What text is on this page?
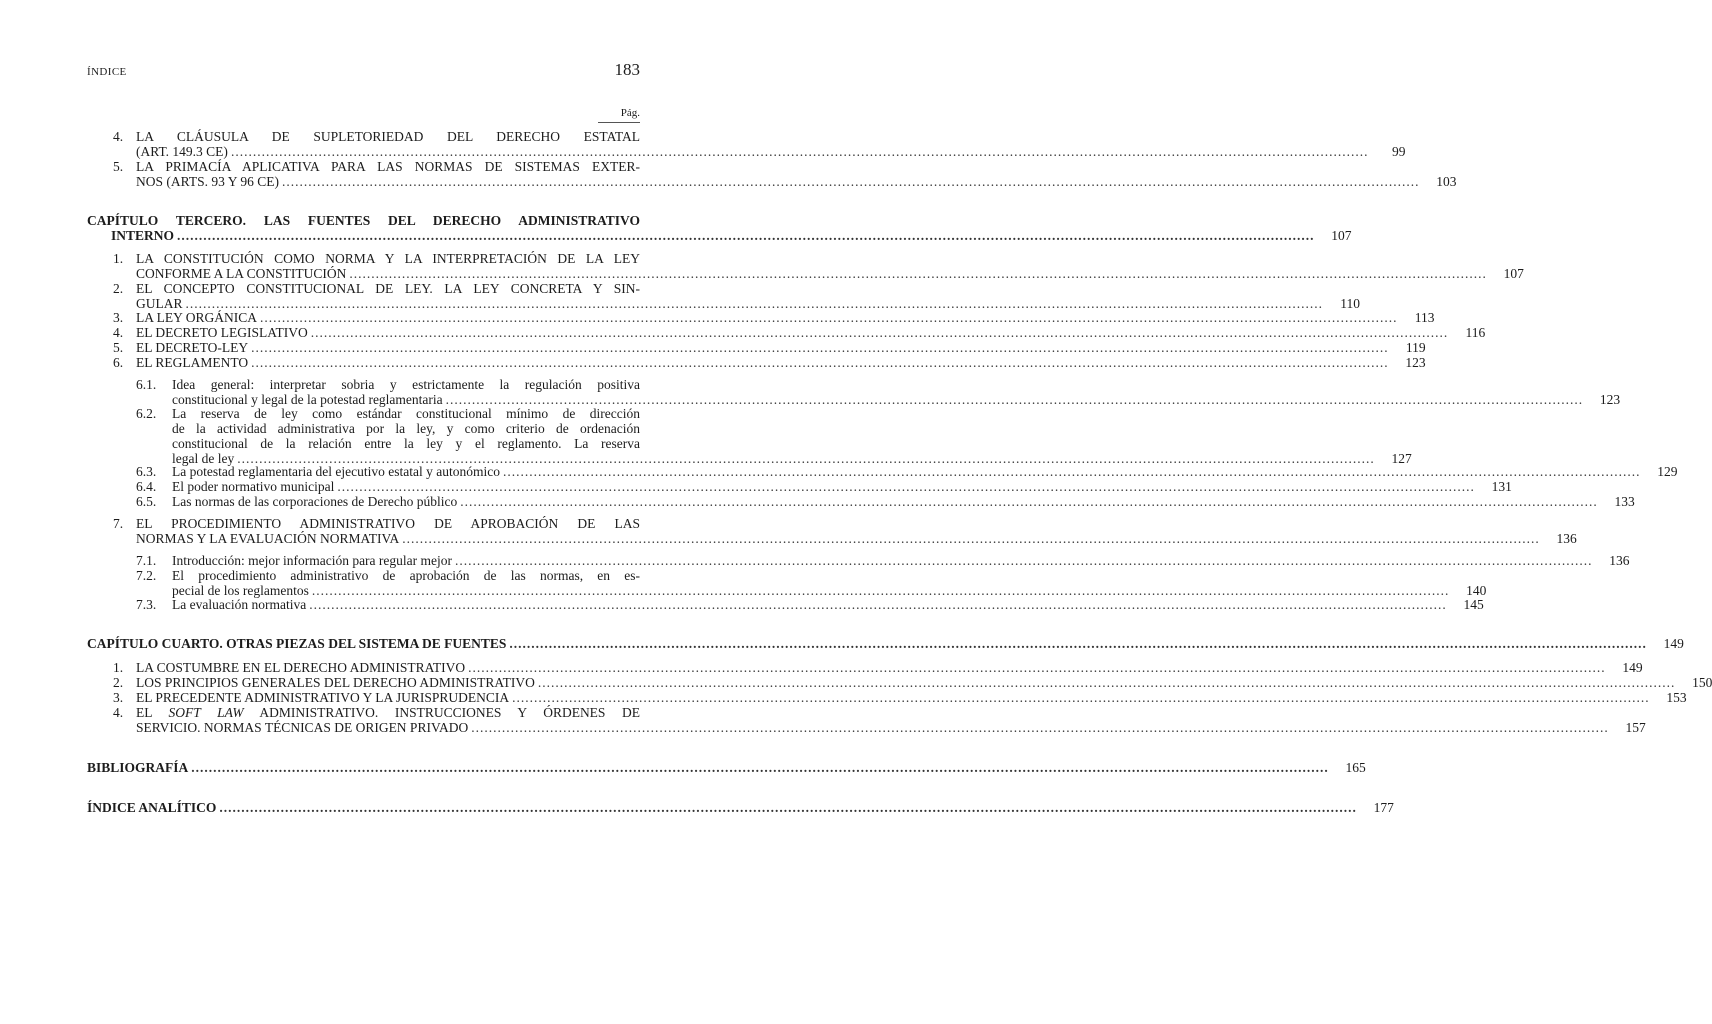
ÍNDICE	183
Pág.
4. LA CLÁUSULA DE SUPLETORIEDAD DEL DERECHO ESTATAL
(ART. 149.3 CE) ....................................................................................................................................................................................................................................................................	99
5. LA PRIMACÍA APLICATIVA PARA LAS NORMAS DE SISTEMAS EXTER-
NOS (ARTS. 93 Y 96 CE) ....................................................................................................................................................................................................................................................................	103
CAPÍTULO TERCERO. LAS FUENTES DEL DERECHO ADMINISTRATIVO
INTERNO ....................................................................................................................................................................................................................................................................	107
1. LA CONSTITUCIÓN COMO NORMA Y LA INTERPRETACIÓN DE LA LEY
CONFORME A LA CONSTITUCIÓN ....................................................................................................................................................................................................................................................................	107
2. EL CONCEPTO CONSTITUCIONAL DE LEY. LA LEY CONCRETA Y SIN-
GULAR ....................................................................................................................................................................................................................................................................	110
3. LA LEY ORGÁNICA ....................................................................................................................................................................................................................................................................	113
4. EL DECRETO LEGISLATIVO ....................................................................................................................................................................................................................................................................	116
5. EL DECRETO-LEY ....................................................................................................................................................................................................................................................................	119
6. EL REGLAMENTO ....................................................................................................................................................................................................................................................................	123
6.1. Idea general: interpretar sobria y estrictamente la regulación positiva
constitucional y legal de la potestad reglamentaria ....................................................................................................................................................................................................................................................................	123
6.2. La reserva de ley como estándar constitucional mínimo de dirección
de la actividad administrativa por la ley, y como criterio de ordenación
constitucional de la relación entre la ley y el reglamento. La reserva
legal de ley ....................................................................................................................................................................................................................................................................	127
6.3. La potestad reglamentaria del ejecutivo estatal y autonómico ....................................................................................................................................................................................................................................................................	129
6.4. El poder normativo municipal ....................................................................................................................................................................................................................................................................	131
6.5. Las normas de las corporaciones de Derecho público ....................................................................................................................................................................................................................................................................	133
7. EL PROCEDIMIENTO ADMINISTRATIVO DE APROBACIÓN DE LAS
NORMAS Y LA EVALUACIÓN NORMATIVA ....................................................................................................................................................................................................................................................................	136
7.1. Introducción: mejor información para regular mejor ....................................................................................................................................................................................................................................................................	136
7.2. El procedimiento administrativo de aprobación de las normas, en es-
pecial de los reglamentos ....................................................................................................................................................................................................................................................................	140
7.3. La evaluación normativa ....................................................................................................................................................................................................................................................................	145
CAPÍTULO CUARTO. OTRAS PIEZAS DEL SISTEMA DE FUENTES ....................................................................................................................................................................................................................................................................	149
1. LA COSTUMBRE EN EL DERECHO ADMINISTRATIVO ....................................................................................................................................................................................................................................................................	149
2. LOS PRINCIPIOS GENERALES DEL DERECHO ADMINISTRATIVO ....................................................................................................................................................................................................................................................................	150
3. EL PRECEDENTE ADMINISTRATIVO Y LA JURISPRUDENCIA ....................................................................................................................................................................................................................................................................	153
4. EL SOFT LAW ADMINISTRATIVO. INSTRUCCIONES Y ÓRDENES DE
SERVICIO. NORMAS TÉCNICAS DE ORIGEN PRIVADO ....................................................................................................................................................................................................................................................................	157
BIBLIOGRAFÍA ....................................................................................................................................................................................................................................................................	165
ÍNDICE ANALÍTICO ....................................................................................................................................................................................................................................................................	177
